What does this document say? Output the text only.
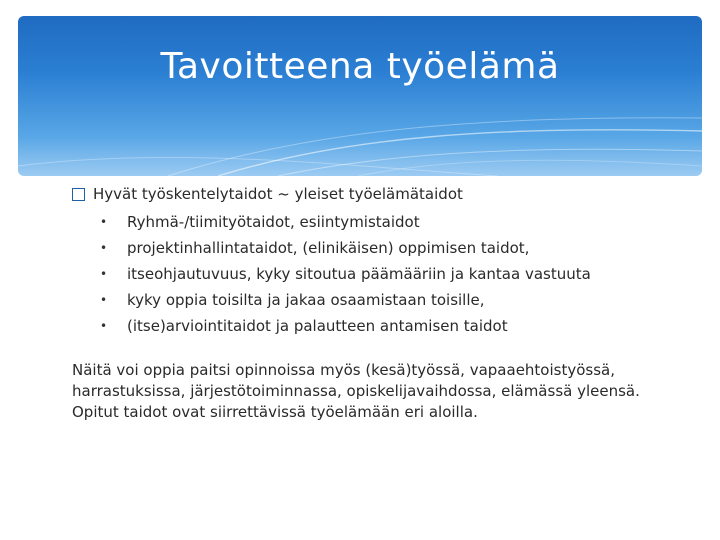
Tavoitteena työelämä
Hyvät työskentelytaidot ~ yleiset työelämätaidot
•	Ryhmä-/tiimityötaidot, esiintymistaidot
•	projektinhallintataidot, (elinikäisen) oppimisen taidot,
•	itseohjautuvuus, kyky sitoutua päämääriin ja kantaa vastuuta
•	kyky oppia toisilta ja jakaa osaamistaan toisille,
•	(itse)arviointitaidot ja palautteen antamisen taidot
Näitä voi oppia paitsi opinnoissa myös (kesä)työssä, vapaaehtoistyössä,
harrastuksissa, järjestötoiminnassa, opiskelijavaihdossa, elämässä yleensä.
Opitut taidot ovat siirrettävissä työelämään eri aloilla.
